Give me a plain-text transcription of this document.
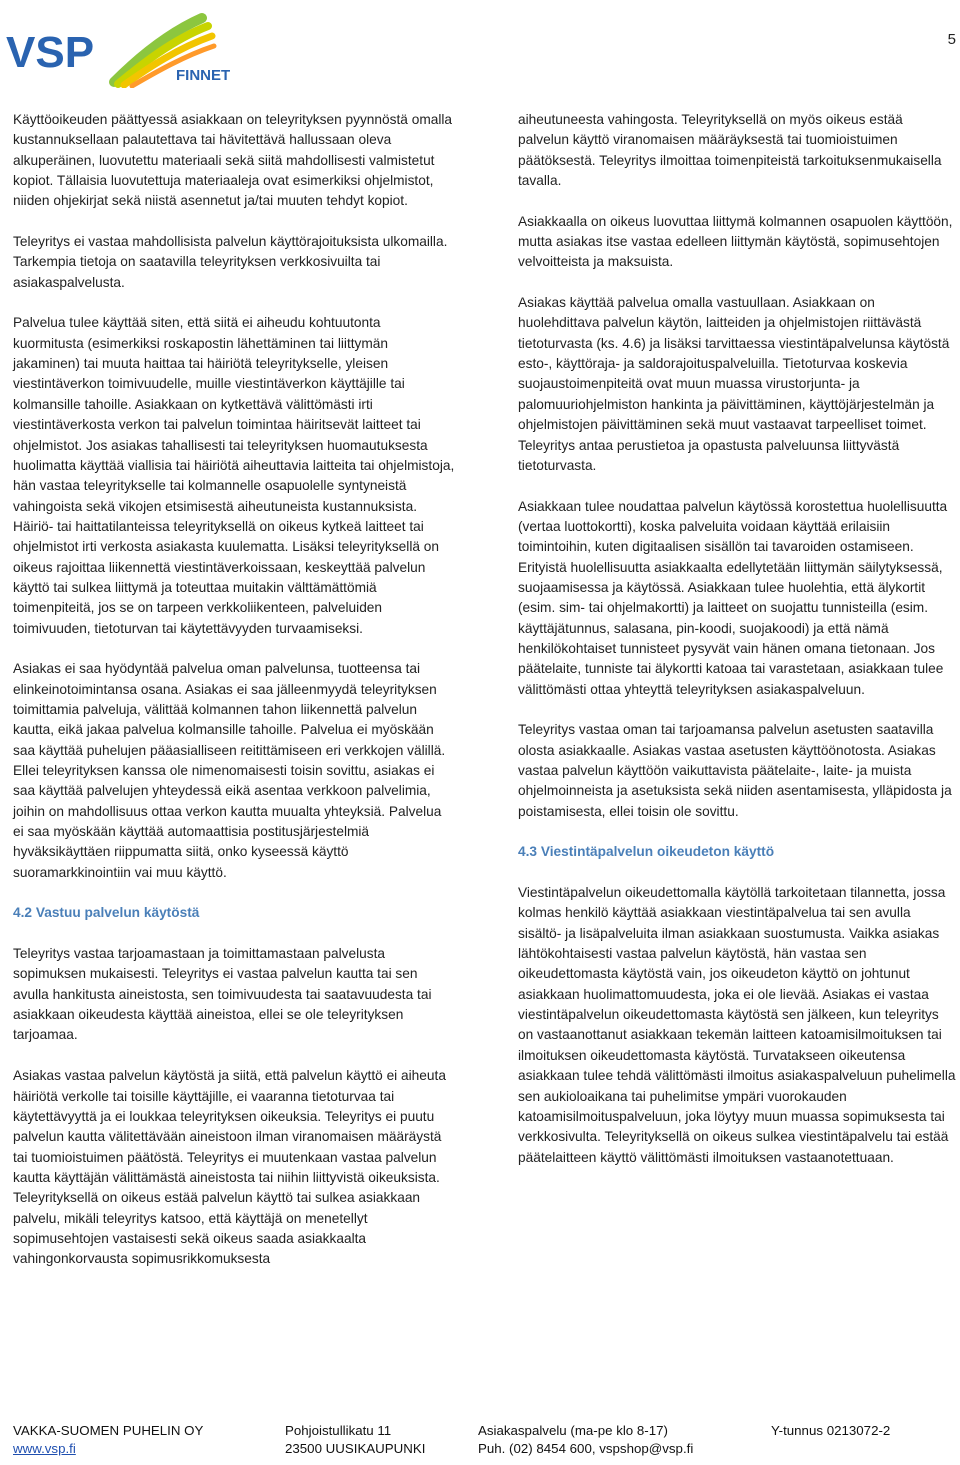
VSP	FINNET
5

Käyttöoikeuden päättyessä asiakkaan on teleyrityksen pyynnöstä omalla kustannuksellaan palautettava tai hävitettävä hallussaan oleva alkuperäinen, luovutettu materiaali sekä siitä mahdollisesti valmistetut kopiot. Tällaisia luovutettuja materiaaleja ovat esimerkiksi ohjelmistot, niiden ohjekirjat sekä niistä asennetut ja/tai muuten tehdyt kopiot.

Teleyritys ei vastaa mahdollisista palvelun käyttörajoituksista ulkomailla. Tarkempia tietoja on saatavilla teleyrityksen verkkosivuilta tai asiakaspalvelusta.

Palvelua tulee käyttää siten, että siitä ei aiheudu kohtuutonta kuormitusta (esimerkiksi roskapostin lähettäminen tai liittymän jakaminen) tai muuta haittaa tai häiriötä teleyritykselle, yleisen viestintäverkon toimivuudelle, muille viestintäverkon käyttäjille tai kolmansille tahoille. Asiakkaan on kytkettävä välittömästi irti viestintäverkosta verkon tai palvelun toimintaa häiritsevät laitteet tai ohjelmistot. Jos asiakas tahallisesti tai teleyrityksen huomautuksesta huolimatta käyttää viallisia tai häiriötä aiheuttavia laitteita tai ohjelmistoja, hän vastaa teleyritykselle tai kolmannelle osapuolelle syntyneistä vahingoista sekä vikojen etsimisestä aiheutuneista kustannuksista. Häiriö- tai haittatilanteissa teleyrityksellä on oikeus kytkeä laitteet tai ohjelmistot irti verkosta asiakasta kuulematta. Lisäksi teleyrityksellä on oikeus rajoittaa liikennettä viestintäverkoissaan, keskeyttää palvelun käyttö tai sulkea liittymä ja toteuttaa muitakin välttämättömiä toimenpiteitä, jos se on tarpeen verkkoliikenteen, palveluiden toimivuuden, tietoturvan tai käytettävyyden turvaamiseksi.

Asiakas ei saa hyödyntää palvelua oman palvelunsa, tuotteensa tai elinkeinotoimintansa osana. Asiakas ei saa jälleenmyydä teleyrityksen toimittamia palveluja, välittää kolmannen tahon liikennettä palvelun kautta, eikä jakaa palvelua kolmansille tahoille. Palvelua ei myöskään saa käyttää puhelujen pääasialliseen reitittämiseen eri verkkojen välillä. Ellei teleyrityksen kanssa ole nimenomaisesti toisin sovittu, asiakas ei saa käyttää palvelujen yhteydessä eikä asentaa verkkoon palvelimia, joihin on mahdollisuus ottaa verkon kautta muualta yhteyksiä. Palvelua ei saa myöskään käyttää automaattisia postitusjärjestelmiä hyväksikäyttäen riippumatta siitä, onko kyseessä käyttö suoramarkkinointiin vai muu käyttö.

4.2 Vastuu palvelun käytöstä

Teleyritys vastaa tarjoamastaan ja toimittamastaan palvelusta sopimuksen mukaisesti. Teleyritys ei vastaa palvelun kautta tai sen avulla hankitusta aineistosta, sen toimivuudesta tai saatavuudesta tai asiakkaan oikeudesta käyttää aineistoa, ellei se ole teleyrityksen tarjoamaa.

Asiakas vastaa palvelun käytöstä ja siitä, että palvelun käyttö ei aiheuta häiriötä verkolle tai toisille käyttäjille, ei vaaranna tietoturvaa tai käytettävyyttä ja ei loukkaa teleyrityksen oikeuksia. Teleyritys ei puutu palvelun kautta välitettävään aineistoon ilman viranomaisen määräystä tai tuomioistuimen päätöstä. Teleyritys ei muutenkaan vastaa palvelun kautta käyttäjän välittämästä aineistosta tai niihin liittyvistä oikeuksista. Teleyrityksellä on oikeus estää palvelun käyttö tai sulkea asiakkaan palvelu, mikäli teleyritys katsoo, että käyttäjä on menetellyt sopimusehtojen vastaisesti sekä oikeus saada asiakkaalta vahingonkorvausta sopimusrikkomuksesta

aiheutuneesta vahingosta. Teleyrityksellä on myös oikeus estää palvelun käyttö viranomaisen määräyksestä tai tuomioistuimen päätöksestä. Teleyritys ilmoittaa toimenpiteistä tarkoituksenmukaisella tavalla.

Asiakkaalla on oikeus luovuttaa liittymä kolmannen osapuolen käyttöön, mutta asiakas itse vastaa edelleen liittymän käytöstä, sopimusehtojen velvoitteista ja maksuista.

Asiakas käyttää palvelua omalla vastuullaan. Asiakkaan on huolehdittava palvelun käytön, laitteiden ja ohjelmistojen riittävästä tietoturvasta (ks. 4.6) ja lisäksi tarvittaessa viestintäpalvelunsa käytöstä esto-, käyttöraja- ja saldorajoituspalveluilla. Tietoturvaa koskevia suojaustoimenpiteitä ovat muun muassa virustorjunta- ja palomuuriohjelmiston hankinta ja päivittäminen, käyttöjärjestelmän ja ohjelmistojen päivittäminen sekä muut vastaavat tarpeelliset toimet. Teleyritys antaa perustietoa ja opastusta palveluunsa liittyvästä tietoturvasta.

Asiakkaan tulee noudattaa palvelun käytössä korostettua huolellisuutta (vertaa luottokortti), koska palveluita voidaan käyttää erilaisiin toimintoihin, kuten digitaalisen sisällön tai tavaroiden ostamiseen. Erityistä huolellisuutta asiakkaalta edellytetään liittymän säilytyksessä, suojaamisessa ja käytössä. Asiakkaan tulee huolehtia, että älykortit (esim. sim- tai ohjelmakortti) ja laitteet on suojattu tunnisteilla (esim. käyttäjätunnus, salasana, pin-koodi, suojakoodi) ja että nämä henkilökohtaiset tunnisteet pysyvät vain hänen omana tietonaan. Jos päätelaite, tunniste tai älykortti katoaa tai varastetaan, asiakkaan tulee välittömästi ottaa yhteyttä teleyrityksen asiakaspalveluun.

Teleyritys vastaa oman tai tarjoamansa palvelun asetusten saatavilla olosta asiakkaalle. Asiakas vastaa asetusten käyttöönotosta. Asiakas vastaa palvelun käyttöön vaikuttavista päätelaite-, laite- ja muista ohjelmoinneista ja asetuksista sekä niiden asentamisesta, ylläpidosta ja poistamisesta, ellei toisin ole sovittu.

4.3 Viestintäpalvelun oikeudeton käyttö

Viestintäpalvelun oikeudettomalla käytöllä tarkoitetaan tilannetta, jossa kolmas henkilö käyttää asiakkaan viestintäpalvelua tai sen avulla sisältö- ja lisäpalveluita ilman asiakkaan suostumusta. Vaikka asiakas lähtökohtaisesti vastaa palvelun käytöstä, hän vastaa sen oikeudettomasta käytöstä vain, jos oikeudeton käyttö on johtunut asiakkaan huolimattomuudesta, joka ei ole lievää. Asiakas ei vastaa viestintäpalvelun oikeudettomasta käytöstä sen jälkeen, kun teleyritys on vastaanottanut asiakkaan tekemän laitteen katoamisilmoituksen tai ilmoituksen oikeudettomasta käytöstä. Turvatakseen oikeutensa asiakkaan tulee tehdä välittömästi ilmoitus asiakaspalveluun puhelimella sen aukioloaikana tai puhelimitse ympäri vuorokauden katoamisilmoituspalveluun, joka löytyy muun muassa sopimuksesta tai verkkosivulta. Teleyrityksellä on oikeus sulkea viestintäpalvelu tai estää päätelaitteen käyttö välittömästi ilmoituksen vastaanotettuaan.

VAKKA-SUOMEN PUHELIN OY
www.vsp.fi
Pohjoistullikatu 11
23500 UUSIKAUPUNKI
Asiakaspalvelu (ma-pe klo 8-17)
Puh. (02) 8454 600, vspshop@vsp.fi
Y-tunnus 0213072-2
